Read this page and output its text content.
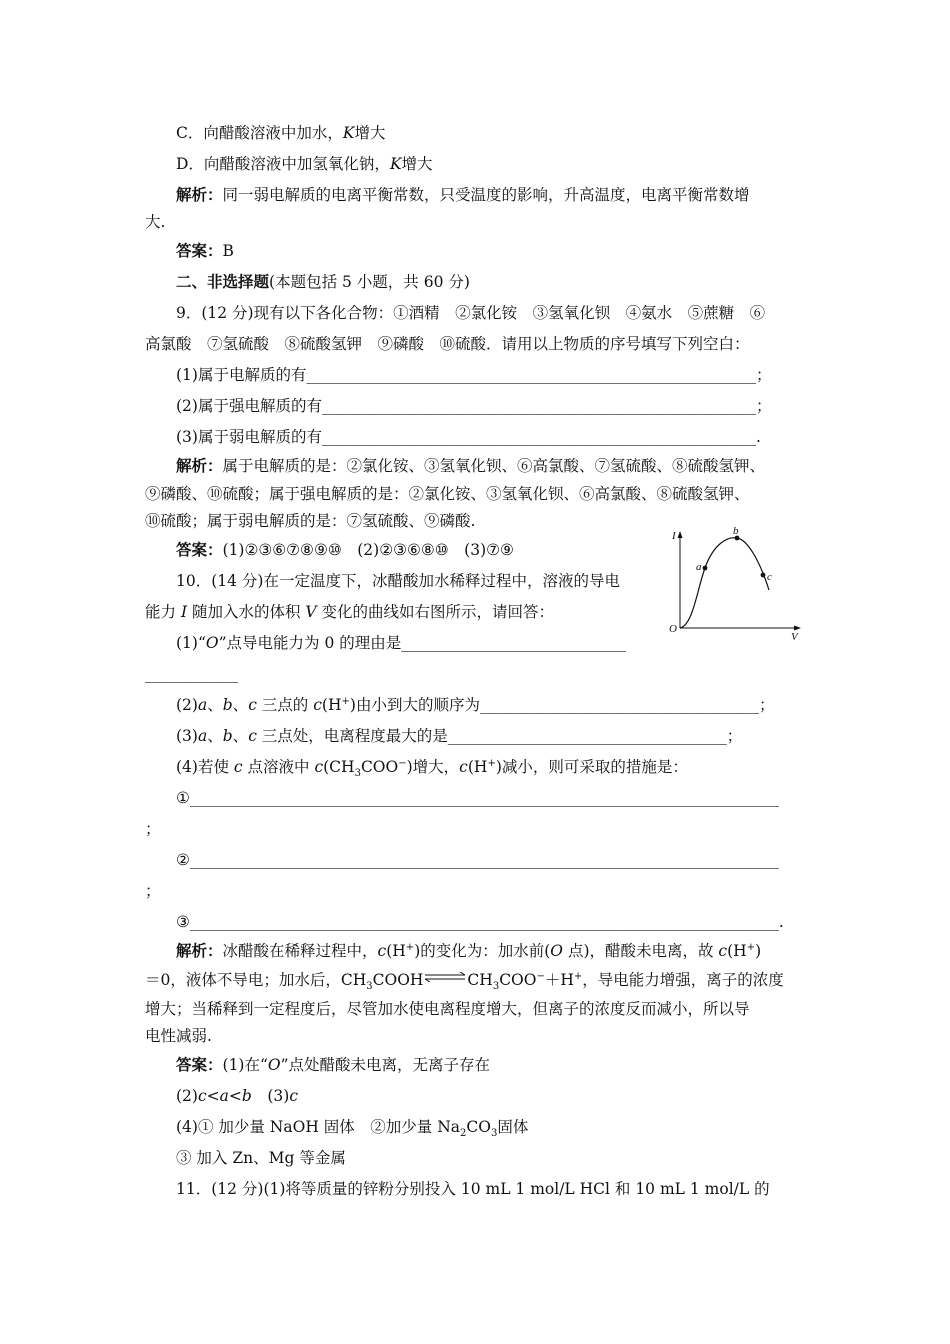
C．向醋酸溶液中加水，K增大
D．向醋酸溶液中加氢氧化钠，K增大
解析：同一弱电解质的电离平衡常数，只受温度的影响，升高温度，电离平衡常数增
大.
答案：B
二、非选择题(本题包括 5 小题，共 60 分)
9．(12 分)现有以下各化合物：①酒精　②氯化铵　③氢氧化钡　④氨水　⑤蔗糖　⑥
高氯酸　⑦氢硫酸　⑧硫酸氢钾　⑨磷酸　⑩硫酸．请用以上物质的序号填写下列空白：
(1)属于电解质的有__________________________________________________________；
(2)属于强电解质的有________________________________________________________；
(3)属于弱电解质的有________________________________________________________.
解析：属于电解质的是：②氯化铵、③氢氧化钡、⑥高氯酸、⑦氢硫酸、⑧硫酸氢钾、
⑨磷酸、⑩硫酸；属于强电解质的是：②氯化铵、③氢氧化钡、⑥高氯酸、⑧硫酸氢钾、
⑩硫酸；属于弱电解质的是：⑦氢硫酸、⑨磷酸.
答案：(1)②③⑥⑦⑧⑨⑩　(2)②③⑥⑧⑩　(3)⑦⑨
10．(14 分)在一定温度下，冰醋酸加水稀释过程中，溶液的导电
能力 I 随加入水的体积 V 变化的曲线如右图所示，请回答：
I
V
O
a
b
c
(1)“O”点导电能力为 0 的理由是_____________________________
____________
(2)a、b、c 三点的 c(H+)由小到大的顺序为____________________________________；
(3)a、b、c 三点处，电离程度最大的是____________________________________；
(4)若使 c 点溶液中 $c(CH_3COO^-)$增大，c(H+)减小，则可采取的措施是：
①____________________________________________________________________________
；
②____________________________________________________________________________
；
③____________________________________________________________________________.
解析：冰醋酸在稀释过程中，c(H+)的变化为：加水前(O 点)，醋酸未电离，故 c(H+)
＝0，液体不导电；加水后，$CH_3COOH\rightleftharpoons CH_3COO^-+H^+$，导电能力增强，离子的浓度
增大；当稀释到一定程度后，尽管加水使电离程度增大，但离子的浓度反而减小，所以导
电性减弱.
答案：(1)在“O”点处醋酸未电离，无离子存在
(2)c<a<b　(3)c
(4)① 加少量 NaOH 固体　②加少量 $Na_2CO_3$固体
③ 加入 Zn、Mg 等金属
11．(12 分)(1)将等质量的锌粉分别投入 10 mL 1 mol/L HCl 和 10 mL 1 mol/L 的
